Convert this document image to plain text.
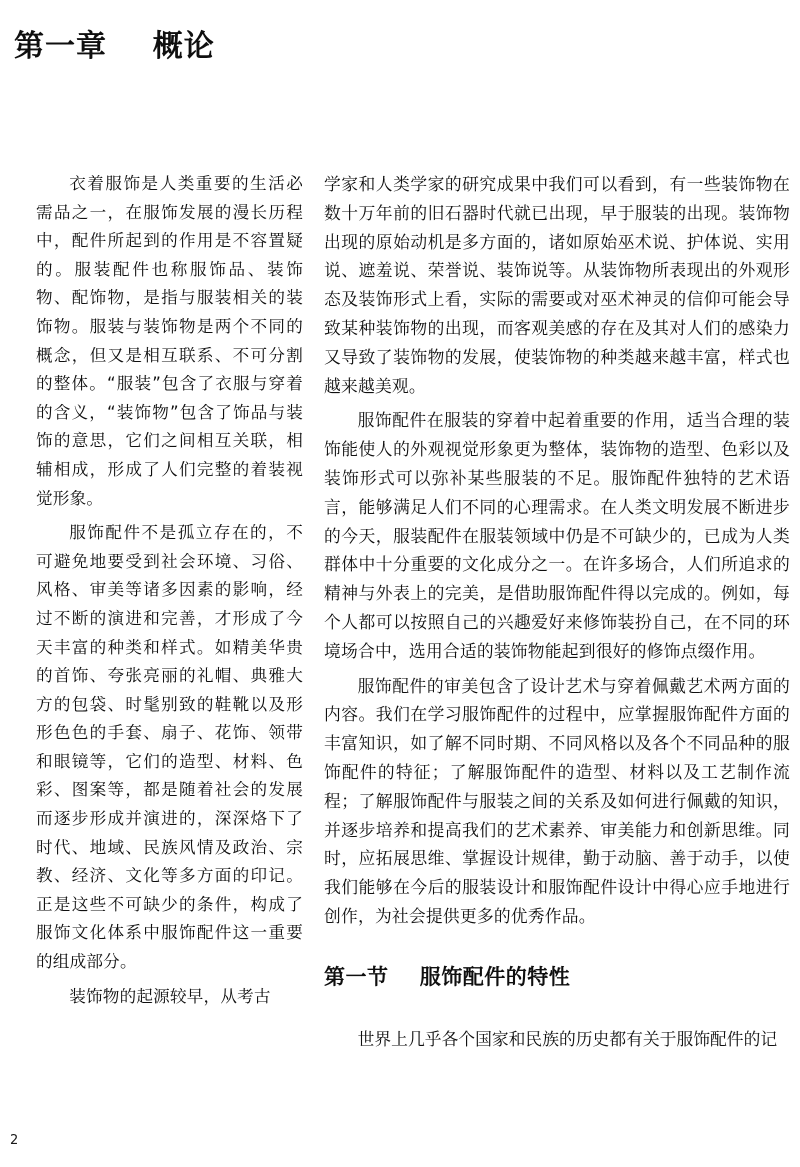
第一章    概论

衣着服饰是人类重要的生活必需品之一，在服饰发展的漫长历程中，配件所起到的作用是不容置疑的。服装配件也称服饰品、装饰物、配饰物，是指与服装相关的装饰物。服装与装饰物是两个不同的概念，但又是相互联系、不可分割的整体。“服装”包含了衣服与穿着的含义，“装饰物”包含了饰品与装饰的意思，它们之间相互关联，相辅相成，形成了人们完整的着装视觉形象。

服饰配件不是孤立存在的，不可避免地要受到社会环境、习俗、风格、审美等诸多因素的影响，经过不断的演进和完善，才形成了今天丰富的种类和样式。如精美华贵的首饰、夸张亮丽的礼帽、典雅大方的包袋、时髦别致的鞋靴以及形形色色的手套、扇子、花饰、领带和眼镜等，它们的造型、材料、色彩、图案等，都是随着社会的发展而逐步形成并演进的，深深烙下了时代、地域、民族风情及政治、宗教、经济、文化等多方面的印记。正是这些不可缺少的条件，构成了服饰文化体系中服饰配件这一重要的组成部分。

装饰物的起源较早，从考古

学家和人类学家的研究成果中我们可以看到，有一些装饰物在数十万年前的旧石器时代就已出现，早于服装的出现。装饰物出现的原始动机是多方面的，诸如原始巫术说、护体说、实用说、遮羞说、荣誉说、装饰说等。从装饰物所表现出的外观形态及装饰形式上看，实际的需要或对巫术神灵的信仰可能会导致某种装饰物的出现，而客观美感的存在及其对人们的感染力又导致了装饰物的发展，使装饰物的种类越来越丰富，样式也越来越美观。

服饰配件在服装的穿着中起着重要的作用，适当合理的装饰能使人的外观视觉形象更为整体，装饰物的造型、色彩以及装饰形式可以弥补某些服装的不足。服饰配件独特的艺术语言，能够满足人们不同的心理需求。在人类文明发展不断进步的今天，服装配件在服装领域中仍是不可缺少的，已成为人类群体中十分重要的文化成分之一。在许多场合，人们所追求的精神与外表上的完美，是借助服饰配件得以完成的。例如，每个人都可以按照自己的兴趣爱好来修饰装扮自己，在不同的环境场合中，选用合适的装饰物能起到很好的修饰点缀作用。

服饰配件的审美包含了设计艺术与穿着佩戴艺术两方面的内容。我们在学习服饰配件的过程中，应掌握服饰配件方面的丰富知识，如了解不同时期、不同风格以及各个不同品种的服饰配件的特征；了解服饰配件的造型、材料以及工艺制作流程；了解服饰配件与服装之间的关系及如何进行佩戴的知识，并逐步培养和提高我们的艺术素养、审美能力和创新思维。同时，应拓展思维、掌握设计规律，勤于动脑、善于动手，以使我们能够在今后的服装设计和服饰配件设计中得心应手地进行创作，为社会提供更多的优秀作品。

第一节    服饰配件的特性

世界上几乎各个国家和民族的历史都有关于服饰配件的记

2
